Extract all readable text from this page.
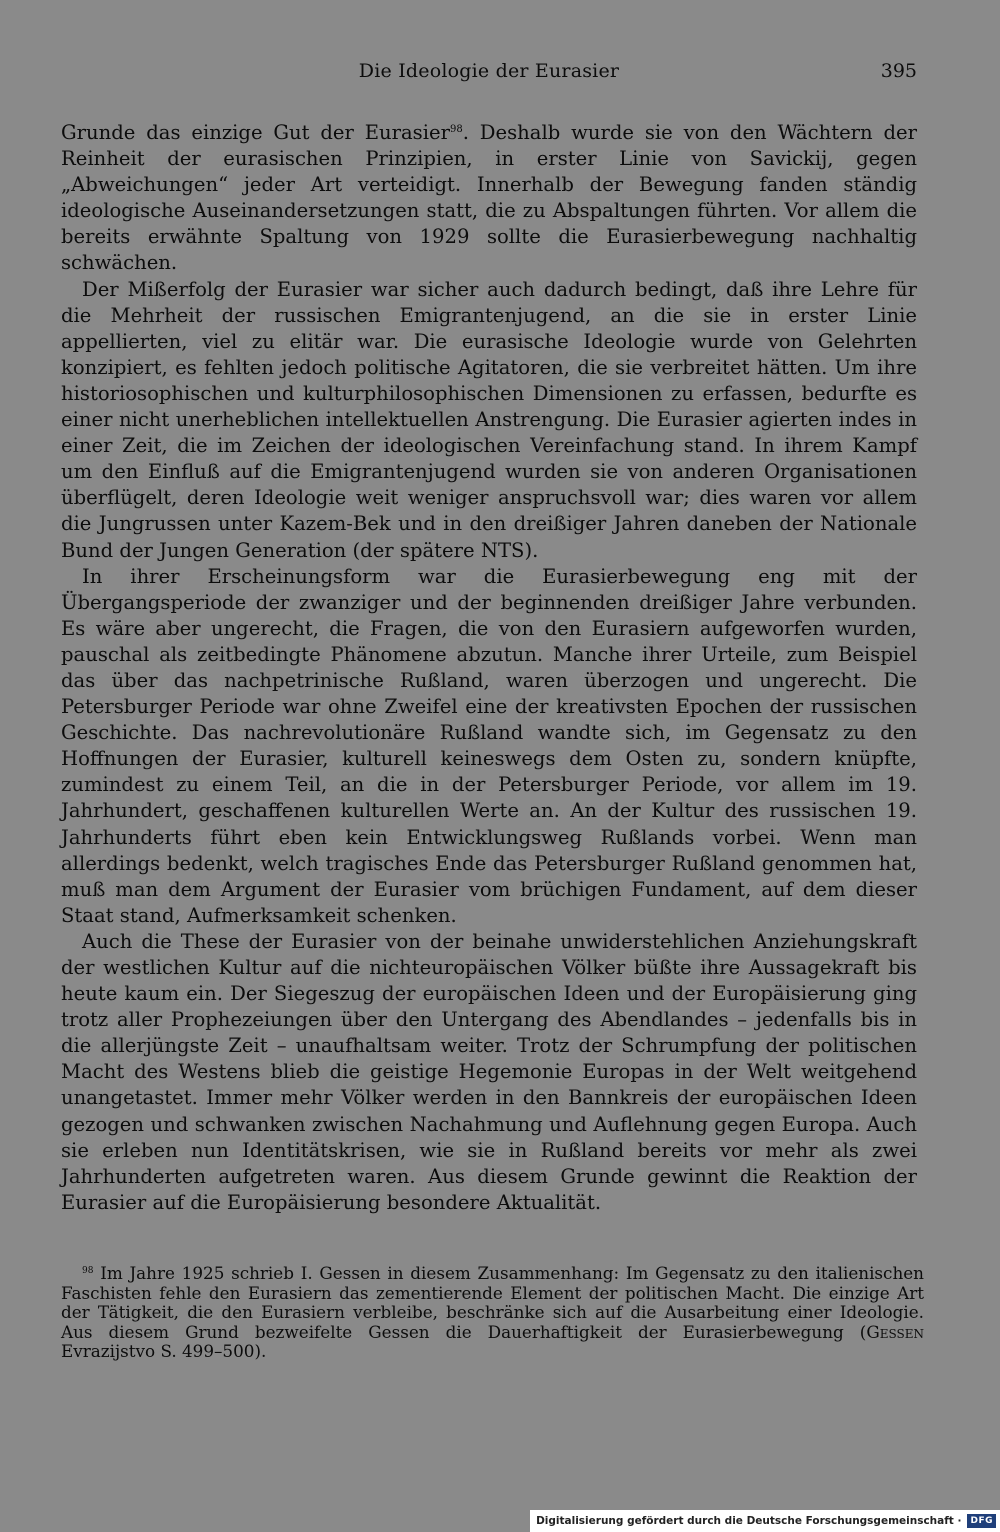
Die Ideologie der Eurasier	395

Grunde das einzige Gut der Eurasier$^{98}$. Deshalb wurde sie von den Wächtern der Reinheit der eurasischen Prinzipien, in erster Linie von Savickij, gegen „Abweichungen“ jeder Art verteidigt. Innerhalb der Bewegung fanden ständig ideologische Auseinandersetzungen statt, die zu Abspaltungen führten. Vor allem die bereits erwähnte Spaltung von 1929 sollte die Eurasierbewegung nachhaltig schwächen.

Der Mißerfolg der Eurasier war sicher auch dadurch bedingt, daß ihre Lehre für die Mehrheit der russischen Emigrantenjugend, an die sie in erster Linie appellierten, viel zu elitär war. Die eurasische Ideologie wurde von Gelehrten konzipiert, es fehlten jedoch politische Agitatoren, die sie verbreitet hätten. Um ihre historiosophischen und kulturphilosophischen Dimensionen zu erfassen, bedurfte es einer nicht unerheblichen intellektuellen Anstrengung. Die Eurasier agierten indes in einer Zeit, die im Zeichen der ideologischen Vereinfachung stand. In ihrem Kampf um den Einfluß auf die Emigrantenjugend wurden sie von anderen Organisationen überflügelt, deren Ideologie weit weniger anspruchsvoll war; dies waren vor allem die Jungrussen unter Kazem-Bek und in den dreißiger Jahren daneben der Nationale Bund der Jungen Generation (der spätere NTS).

In ihrer Erscheinungsform war die Eurasierbewegung eng mit der Übergangsperiode der zwanziger und der beginnenden dreißiger Jahre verbunden. Es wäre aber ungerecht, die Fragen, die von den Eurasiern aufgeworfen wurden, pauschal als zeitbedingte Phänomene abzutun. Manche ihrer Urteile, zum Beispiel das über das nachpetrinische Rußland, waren überzogen und ungerecht. Die Petersburger Periode war ohne Zweifel eine der kreativsten Epochen der russischen Geschichte. Das nachrevolutionäre Rußland wandte sich, im Gegensatz zu den Hoffnungen der Eurasier, kulturell keineswegs dem Osten zu, sondern knüpfte, zumindest zu einem Teil, an die in der Petersburger Periode, vor allem im 19. Jahrhundert, geschaffenen kulturellen Werte an. An der Kultur des russischen 19. Jahrhunderts führt eben kein Entwicklungsweg Rußlands vorbei. Wenn man allerdings bedenkt, welch tragisches Ende das Petersburger Rußland genommen hat, muß man dem Argument der Eurasier vom brüchigen Fundament, auf dem dieser Staat stand, Aufmerksamkeit schenken.

Auch die These der Eurasier von der beinahe unwiderstehlichen Anziehungskraft der westlichen Kultur auf die nichteuropäischen Völker büßte ihre Aussagekraft bis heute kaum ein. Der Siegeszug der europäischen Ideen und der Europäisierung ging trotz aller Prophezeiungen über den Untergang des Abendlandes – jedenfalls bis in die allerjüngste Zeit – unaufhaltsam weiter. Trotz der Schrumpfung der politischen Macht des Westens blieb die geistige Hegemonie Europas in der Welt weitgehend unangetastet. Immer mehr Völker werden in den Bannkreis der europäischen Ideen gezogen und schwanken zwischen Nachahmung und Auflehnung gegen Europa. Auch sie erleben nun Identitätskrisen, wie sie in Rußland bereits vor mehr als zwei Jahrhunderten aufgetreten waren. Aus diesem Grunde gewinnt die Reaktion der Eurasier auf die Europäisierung besondere Aktualität.

$^{98}$ Im Jahre 1925 schrieb I. Gessen in diesem Zusammenhang: Im Gegensatz zu den italienischen Faschisten fehle den Eurasiern das zementierende Element der politischen Macht. Die einzige Art der Tätigkeit, die den Eurasiern verbleibe, beschränke sich auf die Ausarbeitung einer Ideologie. Aus diesem Grund bezweifelte Gessen die Dauerhaftigkeit der Eurasierbewegung (Gessen Evrazijstvo S. 499–500).

Digitalisierung gefördert durch die Deutsche Forschungsgemeinschaft ·	DFG
